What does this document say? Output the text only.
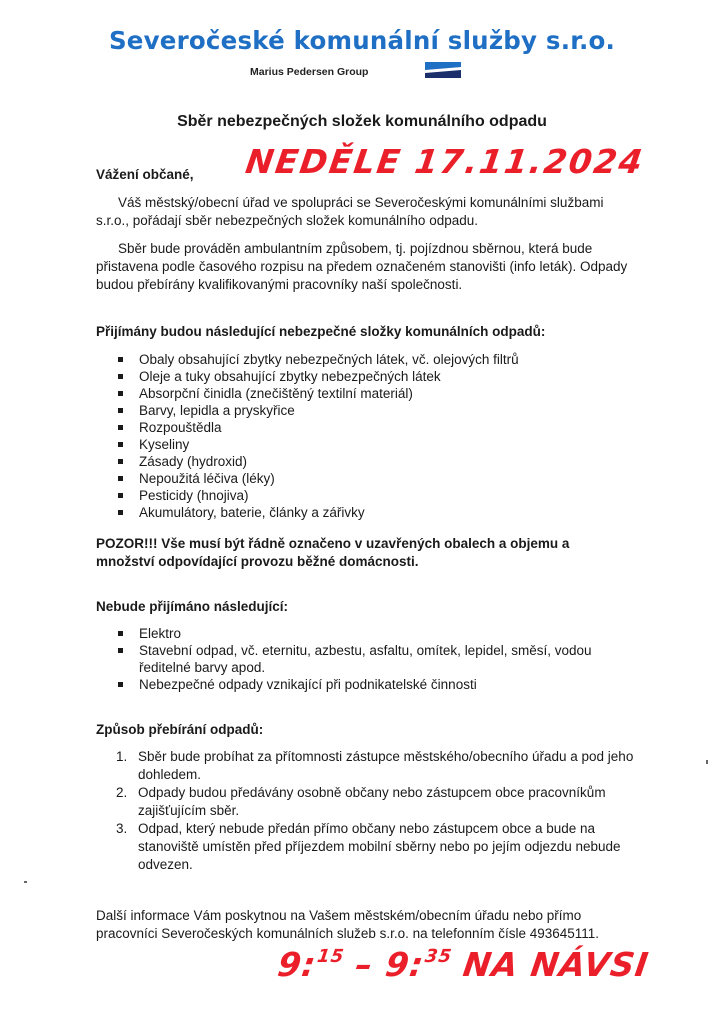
Severočeské komunální služby s.r.o.
Marius Pedersen Group
Sběr nebezpečných složek komunálního odpadu
Vážení občané, NEDĚLE 17.11.2024
Váš městský/obecní úřad ve spolupráci se Severočeskými komunálními službami s.r.o., pořádají sběr nebezpečných složek komunálního odpadu.
Sběr bude prováděn ambulantním způsobem, tj. pojízdnou sběrnou, která bude přistavena podle časového rozpisu na předem označeném stanovišti (info leták). Odpady budou přebírány kvalifikovanými pracovníky naší společnosti.
Přijímány budou následující nebezpečné složky komunálních odpadů:
Obaly obsahující zbytky nebezpečných látek, vč. olejových filtrů
Oleje a tuky obsahující zbytky nebezpečných látek
Absorpční činidla (znečištěný textilní materiál)
Barvy, lepidla a pryskyřice
Rozpouštědla
Kyseliny
Zásady (hydroxid)
Nepoužitá léčiva (léky)
Pesticidy (hnojiva)
Akumulátory, baterie, články a zářivky
POZOR!!! Vše musí být řádně označeno v uzavřených obalech a objemu a množství odpovídající provozu běžné domácnosti.
Nebude přijímáno následující:
Elektro
Stavební odpad, vč. eternitu, azbestu, asfaltu, omítek, lepidel, směsí, vodou ředitelné barvy apod.
Nebezpečné odpady vznikající při podnikatelské činnosti
Způsob přebírání odpadů:
1. Sběr bude probíhat za přítomnosti zástupce městského/obecního úřadu a pod jeho dohledem.
2. Odpady budou předávány osobně občany nebo zástupcem obce pracovníkům zajišťujícím sběr.
3. Odpad, který nebude předán přímo občany nebo zástupcem obce a bude na stanoviště umístěn před příjezdem mobilní sběrny nebo po jejím odjezdu nebude odvezen.
Další informace Vám poskytnou na Vašem městském/obecním úřadu nebo přímo pracovníci Severočeských komunálních služeb s.r.o. na telefonním čísle 493645111.
9:$^{15}$ – 9:$^{35}$ NA NÁVSI
